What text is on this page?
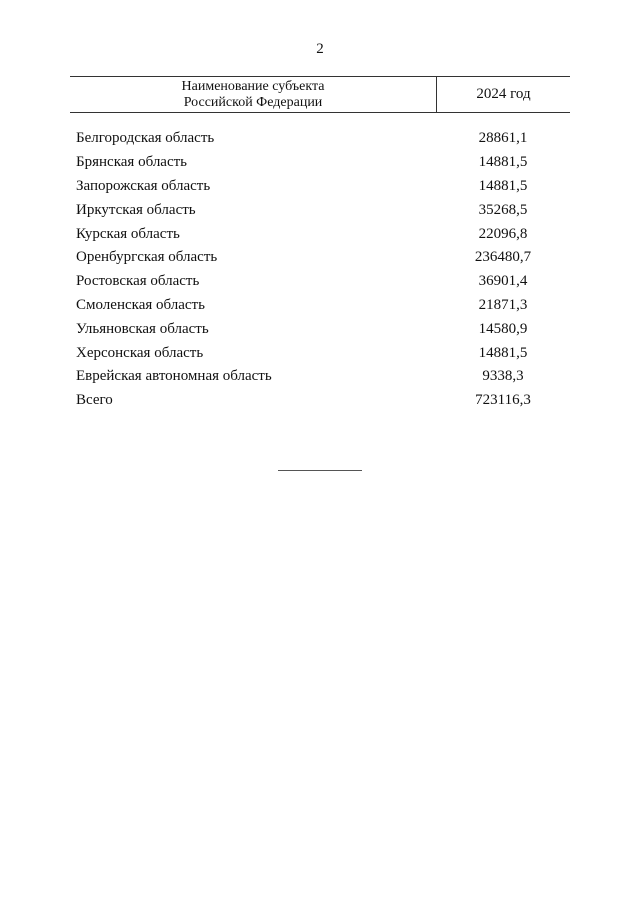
2
Наименование субъекта
Российской Федерации	2024 год
Белгородская область	28861,1
Брянская область	14881,5
Запорожская область	14881,5
Иркутская область	35268,5
Курская область	22096,8
Оренбургская область	236480,7
Ростовская область	36901,4
Смоленская область	21871,3
Ульяновская область	14580,9
Херсонская область	14881,5
Еврейская автономная область	9338,3
Всего	723116,3
